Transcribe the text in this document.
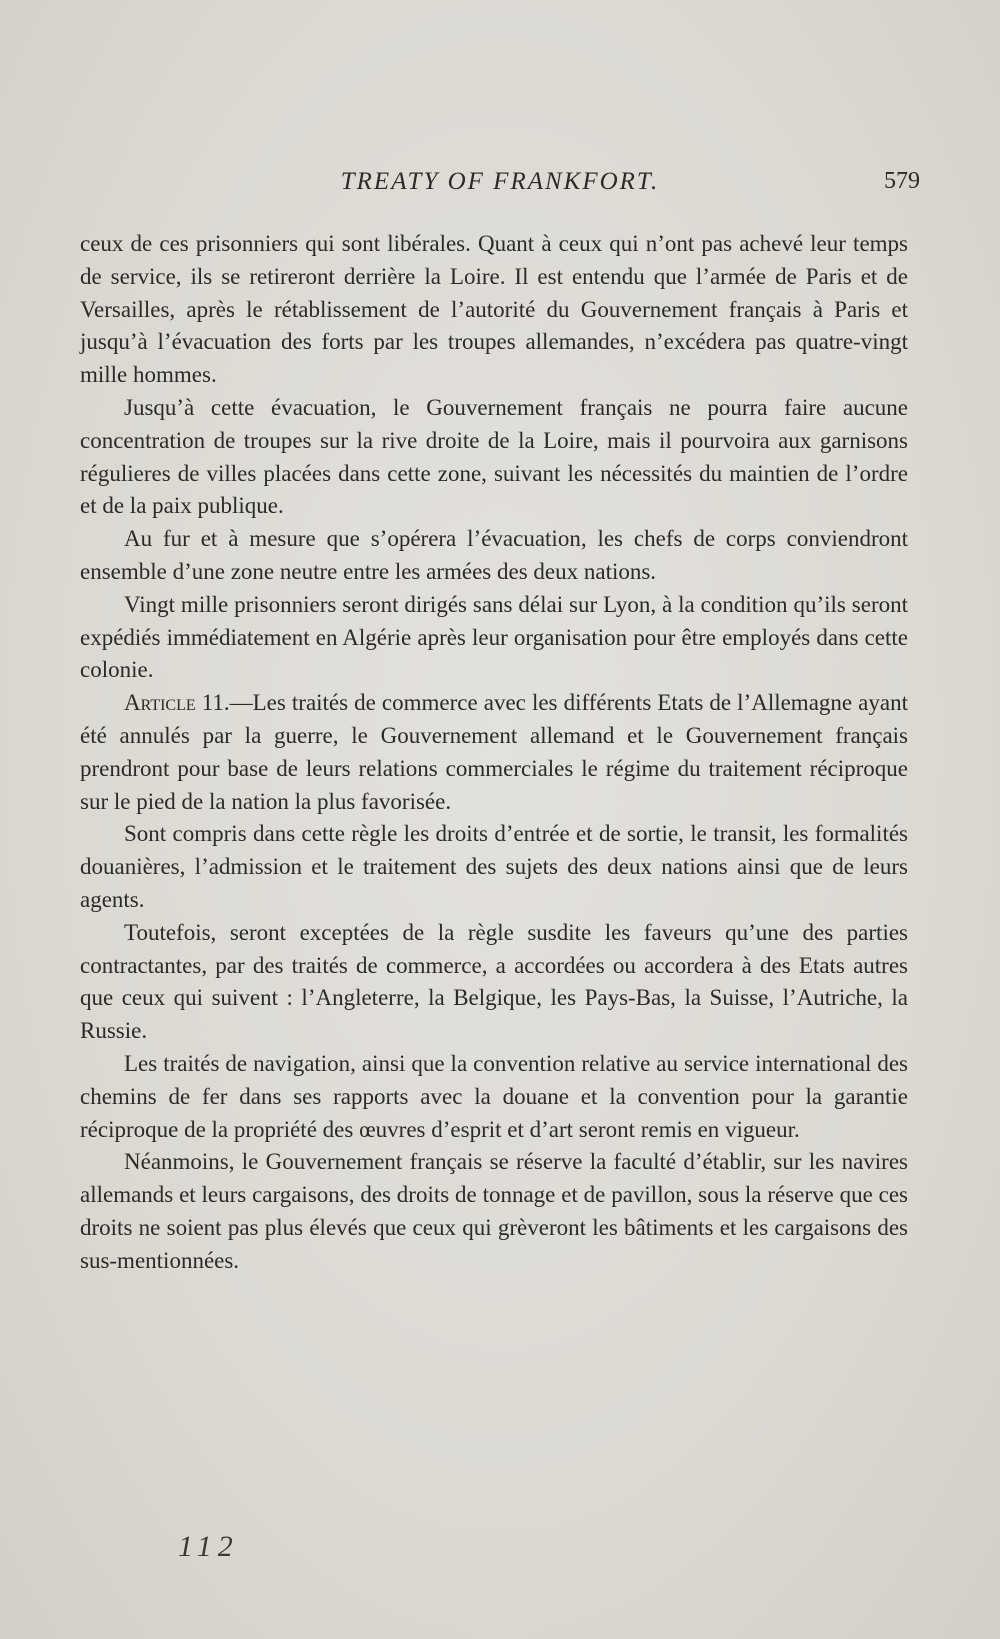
TREATY OF FRANKFORT.	579

ceux de ces prisonniers qui sont libérales. Quant à ceux qui n’ont pas achevé leur temps de service, ils se retireront derrière la Loire. Il est entendu que l’armée de Paris et de Versailles, après le rétablissement de l’autorité du Gouvernement français à Paris et jusqu’à l’évacuation des forts par les troupes allemandes, n’excédera pas quatre-vingt mille hommes.

Jusqu’à cette évacuation, le Gouvernement français ne pourra faire aucune concentration de troupes sur la rive droite de la Loire, mais il pourvoira aux garnisons régulieres de villes placées dans cette zone, suivant les nécessités du maintien de l’ordre et de la paix publique.

Au fur et à mesure que s’opérera l’évacuation, les chefs de corps conviendront ensemble d’une zone neutre entre les armées des deux nations.

Vingt mille prisonniers seront dirigés sans délai sur Lyon, à la condition qu’ils seront expédiés immédiatement en Algérie après leur organisation pour être employés dans cette colonie.

Article 11.—Les traités de commerce avec les différents Etats de l’Allemagne ayant été annulés par la guerre, le Gouvernement allemand et le Gouvernement français prendront pour base de leurs relations commerciales le régime du traitement réciproque sur le pied de la nation la plus favorisée.

Sont compris dans cette règle les droits d’entrée et de sortie, le transit, les formalités douanières, l’admission et le traitement des sujets des deux nations ainsi que de leurs agents.

Toutefois, seront exceptées de la règle susdite les faveurs qu’une des parties contractantes, par des traités de commerce, a accordées ou accordera à des Etats autres que ceux qui suivent : l’Angleterre, la Belgique, les Pays-Bas, la Suisse, l’Autriche, la Russie.

Les traités de navigation, ainsi que la convention relative au service international des chemins de fer dans ses rapports avec la douane et la convention pour la garantie réciproque de la propriété des œuvres d’esprit et d’art seront remis en vigueur.

Néanmoins, le Gouvernement français se réserve la faculté d’établir, sur les navires allemands et leurs cargaisons, des droits de tonnage et de pavillon, sous la réserve que ces droits ne soient pas plus élevés que ceux qui grèveront les bâtiments et les cargaisons des sus-mentionnées.

112
